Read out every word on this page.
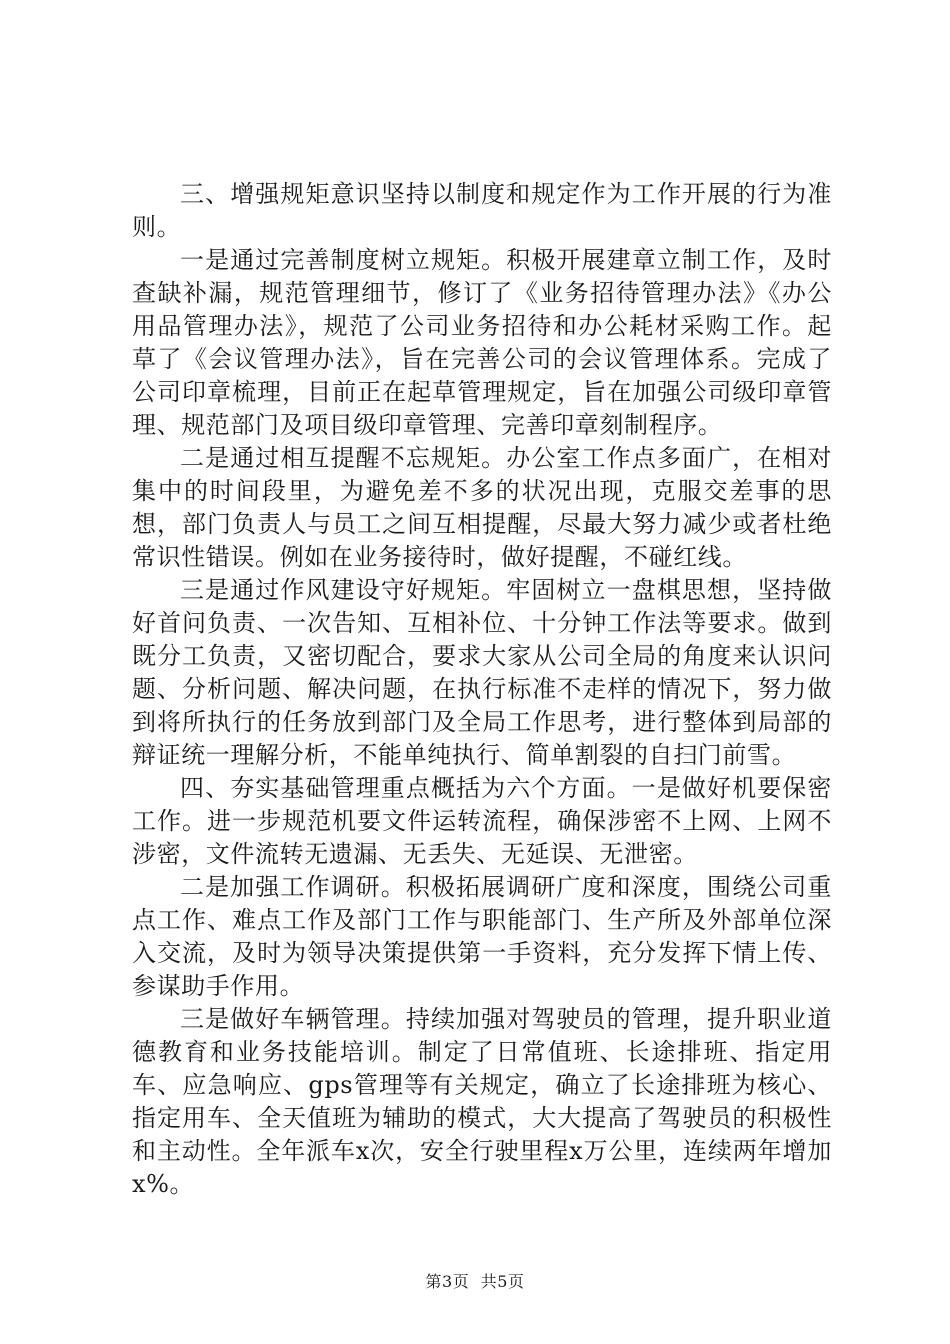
三、增强规矩意识坚持以制度和规定作为工作开展的行为准则。

一是通过完善制度树立规矩。积极开展建章立制工作，及时查缺补漏，规范管理细节，修订了《业务招待管理办法》《办公用品管理办法》，规范了公司业务招待和办公耗材采购工作。起草了《会议管理办法》，旨在完善公司的会议管理体系。完成了公司印章梳理，目前正在起草管理规定，旨在加强公司级印章管理、规范部门及项目级印章管理、完善印章刻制程序。

二是通过相互提醒不忘规矩。办公室工作点多面广，在相对集中的时间段里，为避免差不多的状况出现，克服交差事的思想，部门负责人与员工之间互相提醒，尽最大努力减少或者杜绝常识性错误。例如在业务接待时，做好提醒，不碰红线。

三是通过作风建设守好规矩。牢固树立一盘棋思想，坚持做好首问负责、一次告知、互相补位、十分钟工作法等要求。做到既分工负责，又密切配合，要求大家从公司全局的角度来认识问题、分析问题、解决问题，在执行标准不走样的情况下，努力做到将所执行的任务放到部门及全局工作思考，进行整体到局部的辩证统一理解分析，不能单纯执行、简单割裂的自扫门前雪。

四、夯实基础管理重点概括为六个方面。一是做好机要保密工作。进一步规范机要文件运转流程，确保涉密不上网、上网不涉密，文件流转无遗漏、无丢失、无延误、无泄密。

二是加强工作调研。积极拓展调研广度和深度，围绕公司重点工作、难点工作及部门工作与职能部门、生产所及外部单位深入交流，及时为领导决策提供第一手资料，充分发挥下情上传、参谋助手作用。

三是做好车辆管理。持续加强对驾驶员的管理，提升职业道德教育和业务技能培训。制定了日常值班、长途排班、指定用车、应急响应、gps管理等有关规定，确立了长途排班为核心、指定用车、全天值班为辅助的模式，大大提高了驾驶员的积极性和主动性。全年派车x次，安全行驶里程x万公里，连续两年增加x%。

第3页 共5页
